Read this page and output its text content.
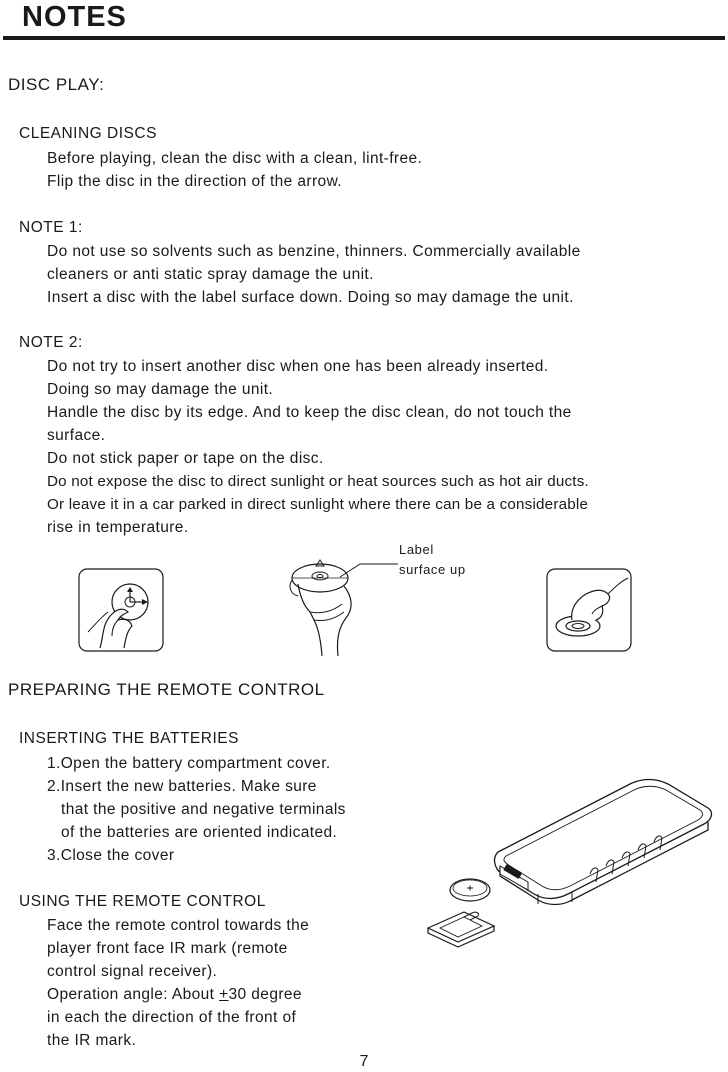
NOTES
DISC PLAY:
CLEANING DISCS
Before playing, clean the disc with a clean, lint-free.
Flip the disc in the direction of the arrow.
NOTE 1:
Do not use so solvents such as benzine, thinners. Commercially available
cleaners or anti static spray damage the unit.
Insert a disc with the label surface down. Doing so may damage the unit.
NOTE 2:
Do not try to insert another disc when one has been already inserted.
Doing so may damage the unit.
Handle the disc by its edge. And to keep the disc clean, do not touch the
surface.
Do not stick paper or tape on the disc.
Do not expose the disc to direct sunlight or heat sources such as hot air ducts.
Or leave it in a car parked in direct sunlight where there can be a considerable
rise in temperature.
Label
surface up
PREPARING THE REMOTE CONTROL
INSERTING THE BATTERIES
1.Open the battery compartment cover.
2.Insert the new batteries. Make sure
that the positive and negative terminals
of the batteries are oriented indicated.
3.Close the cover
USING THE REMOTE CONTROL
Face the remote control towards the
player front face IR mark (remote
control signal receiver).
Operation angle: About +30 degree
in each the direction of the front of
the IR mark.
7
